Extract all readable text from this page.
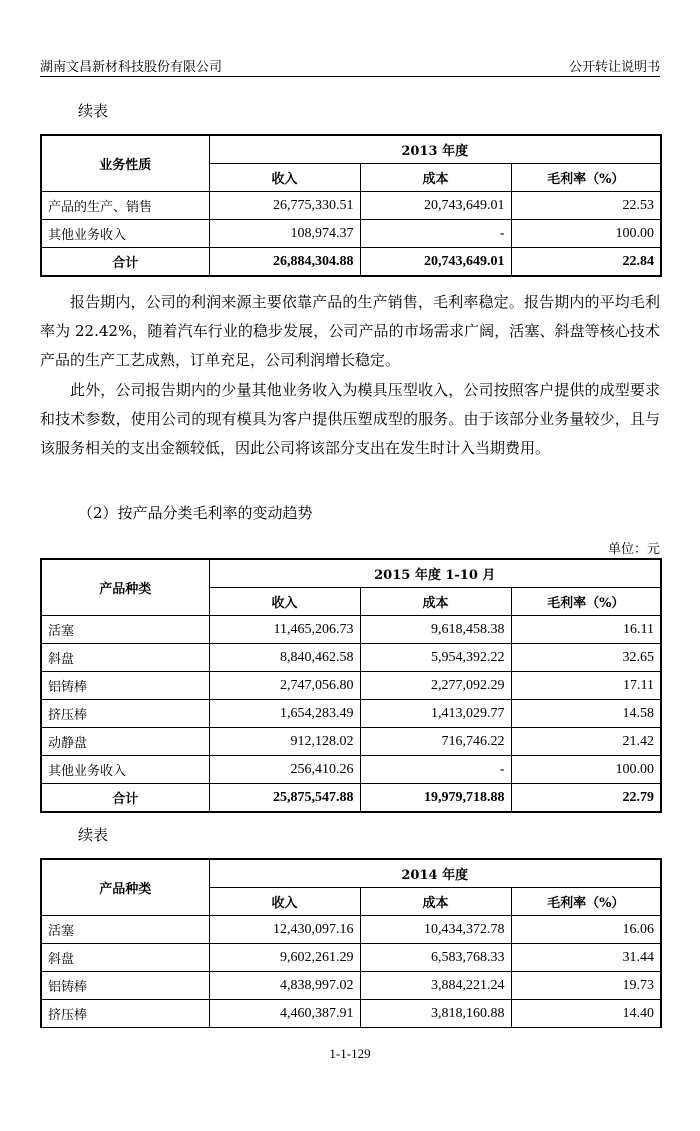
湖南文昌新材科技股份有限公司	公开转让说明书
续表
业务性质	2013 年度		
	收入	成本	毛利率（%）
产品的生产、销售	26,775,330.51	20,743,649.01	22.53
其他业务收入	108,974.37	-	100.00
合计	26,884,304.88	20,743,649.01	22.84

报告期内，公司的利润来源主要依靠产品的生产销售，毛利率稳定。报告期内的平均毛利率为 22.42%，随着汽车行业的稳步发展，公司产品的市场需求广阔，活塞、斜盘等核心技术产品的生产工艺成熟，订单充足，公司利润增长稳定。

此外，公司报告期内的少量其他业务收入为模具压型收入，公司按照客户提供的成型要求和技术参数，使用公司的现有模具为客户提供压塑成型的服务。由于该部分业务量较少，且与该服务相关的支出金额较低，因此公司将该部分支出在发生时计入当期费用。

（2）按产品分类毛利率的变动趋势
单位：元
产品种类	2015 年度 1-10 月		
	收入	成本	毛利率（%）
活塞	11,465,206.73	9,618,458.38	16.11
斜盘	8,840,462.58	5,954,392.22	32.65
铝铸棒	2,747,056.80	2,277,092.29	17.11
挤压棒	1,654,283.49	1,413,029.77	14.58
动静盘	912,128.02	716,746.22	21.42
其他业务收入	256,410.26	-	100.00
合计	25,875,547.88	19,979,718.88	22.79
续表
产品种类	2014 年度		
	收入	成本	毛利率（%）
活塞	12,430,097.16	10,434,372.78	16.06
斜盘	9,602,261.29	6,583,768.33	31.44
铝铸棒	4,838,997.02	3,884,221.24	19.73
挤压棒	4,460,387.91	3,818,160.88	14.40
1-1-129
